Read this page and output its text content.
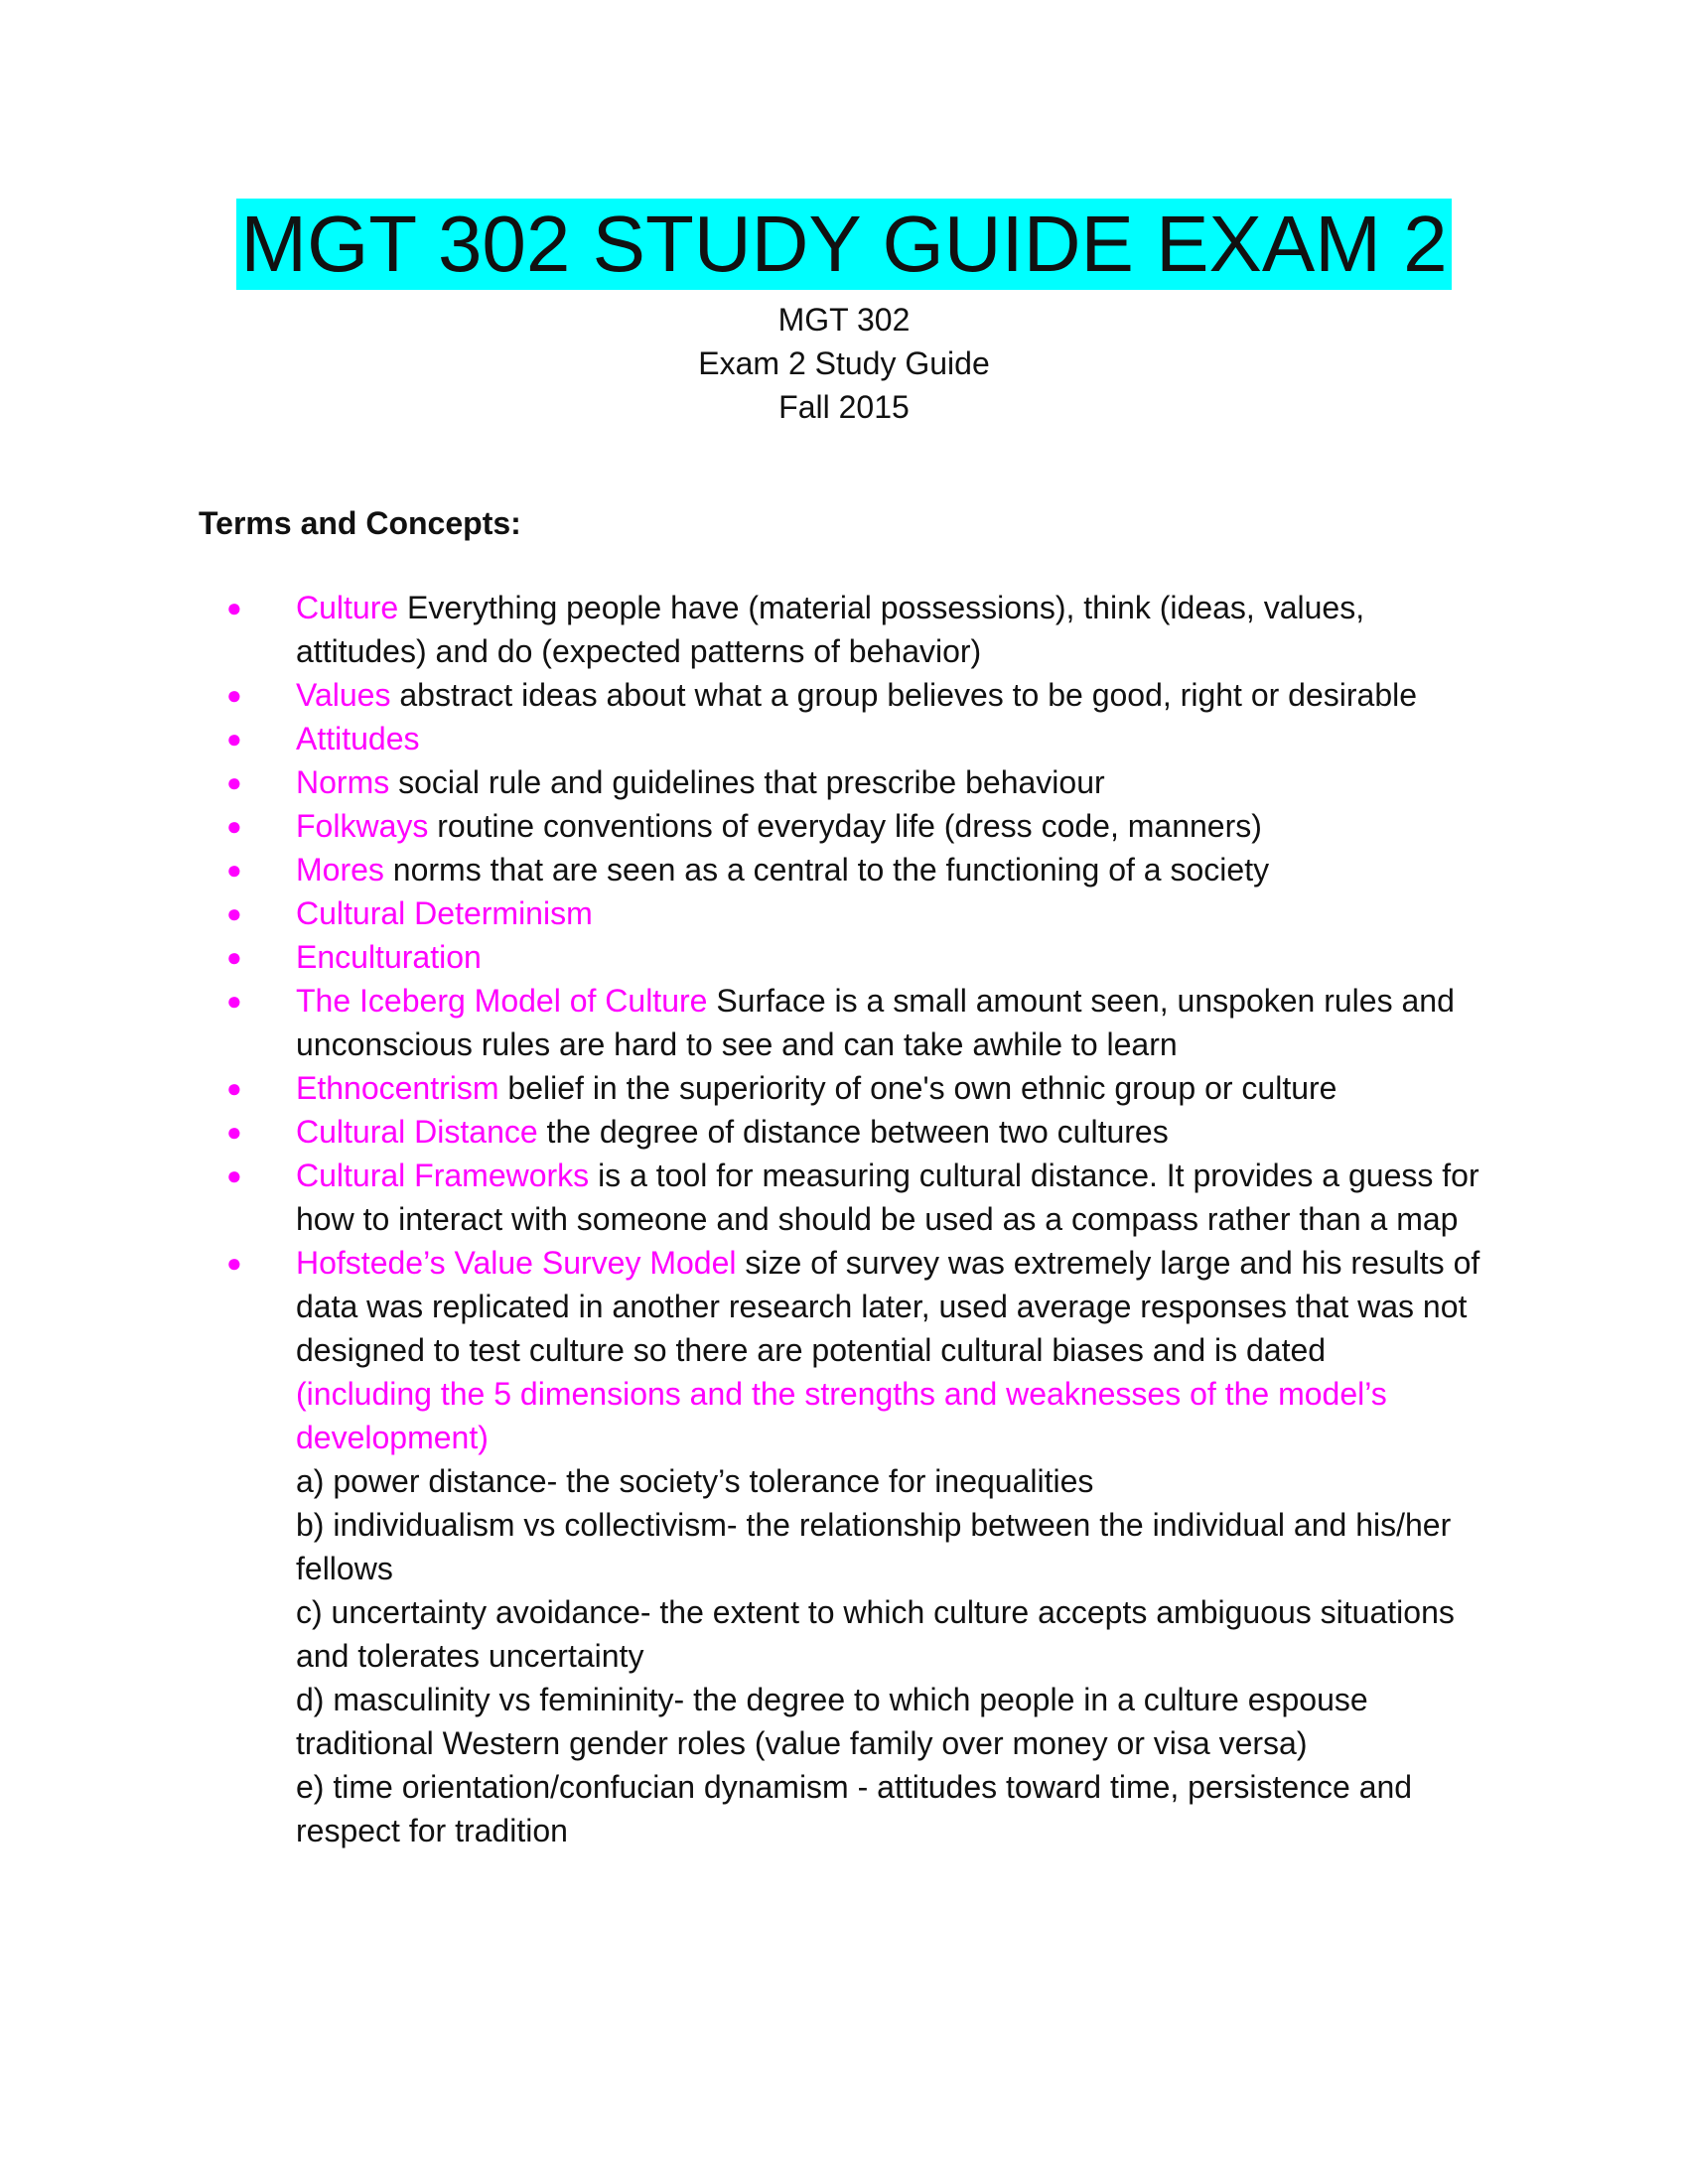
MGT 302 STUDY GUIDE EXAM 2
MGT 302
Exam 2 Study Guide
Fall 2015
Terms and Concepts:
● Culture Everything people have (material possessions), think (ideas, values, attitudes) and do (expected patterns of behavior)
● Values abstract ideas about what a group believes to be good, right or desirable
● Attitudes
● Norms social rule and guidelines that prescribe behaviour
● Folkways routine conventions of everyday life (dress code, manners)
● Mores norms that are seen as a central to the functioning of a society
● Cultural Determinism
● Enculturation
● The Iceberg Model of Culture Surface is a small amount seen, unspoken rules and unconscious rules are hard to see and can take awhile to learn
● Ethnocentrism belief in the superiority of one's own ethnic group or culture
● Cultural Distance the degree of distance between two cultures
● Cultural Frameworks is a tool for measuring cultural distance. It provides a guess for how to interact with someone and should be used as a compass rather than a map
● Hofstede’s Value Survey Model size of survey was extremely large and his results of data was replicated in another research later, used average responses that was not designed to test culture so there are potential cultural biases and is dated
(including the 5 dimensions and the strengths and weaknesses of the model’s development)
a) power distance- the society’s tolerance for inequalities
b) individualism vs collectivism- the relationship between the individual and his/her fellows
c) uncertainty avoidance- the extent to which culture accepts ambiguous situations and tolerates uncertainty
d) masculinity vs femininity- the degree to which people in a culture espouse traditional Western gender roles (value family over money or visa versa)
e) time orientation/confucian dynamism - attitudes toward time, persistence and respect for tradition
